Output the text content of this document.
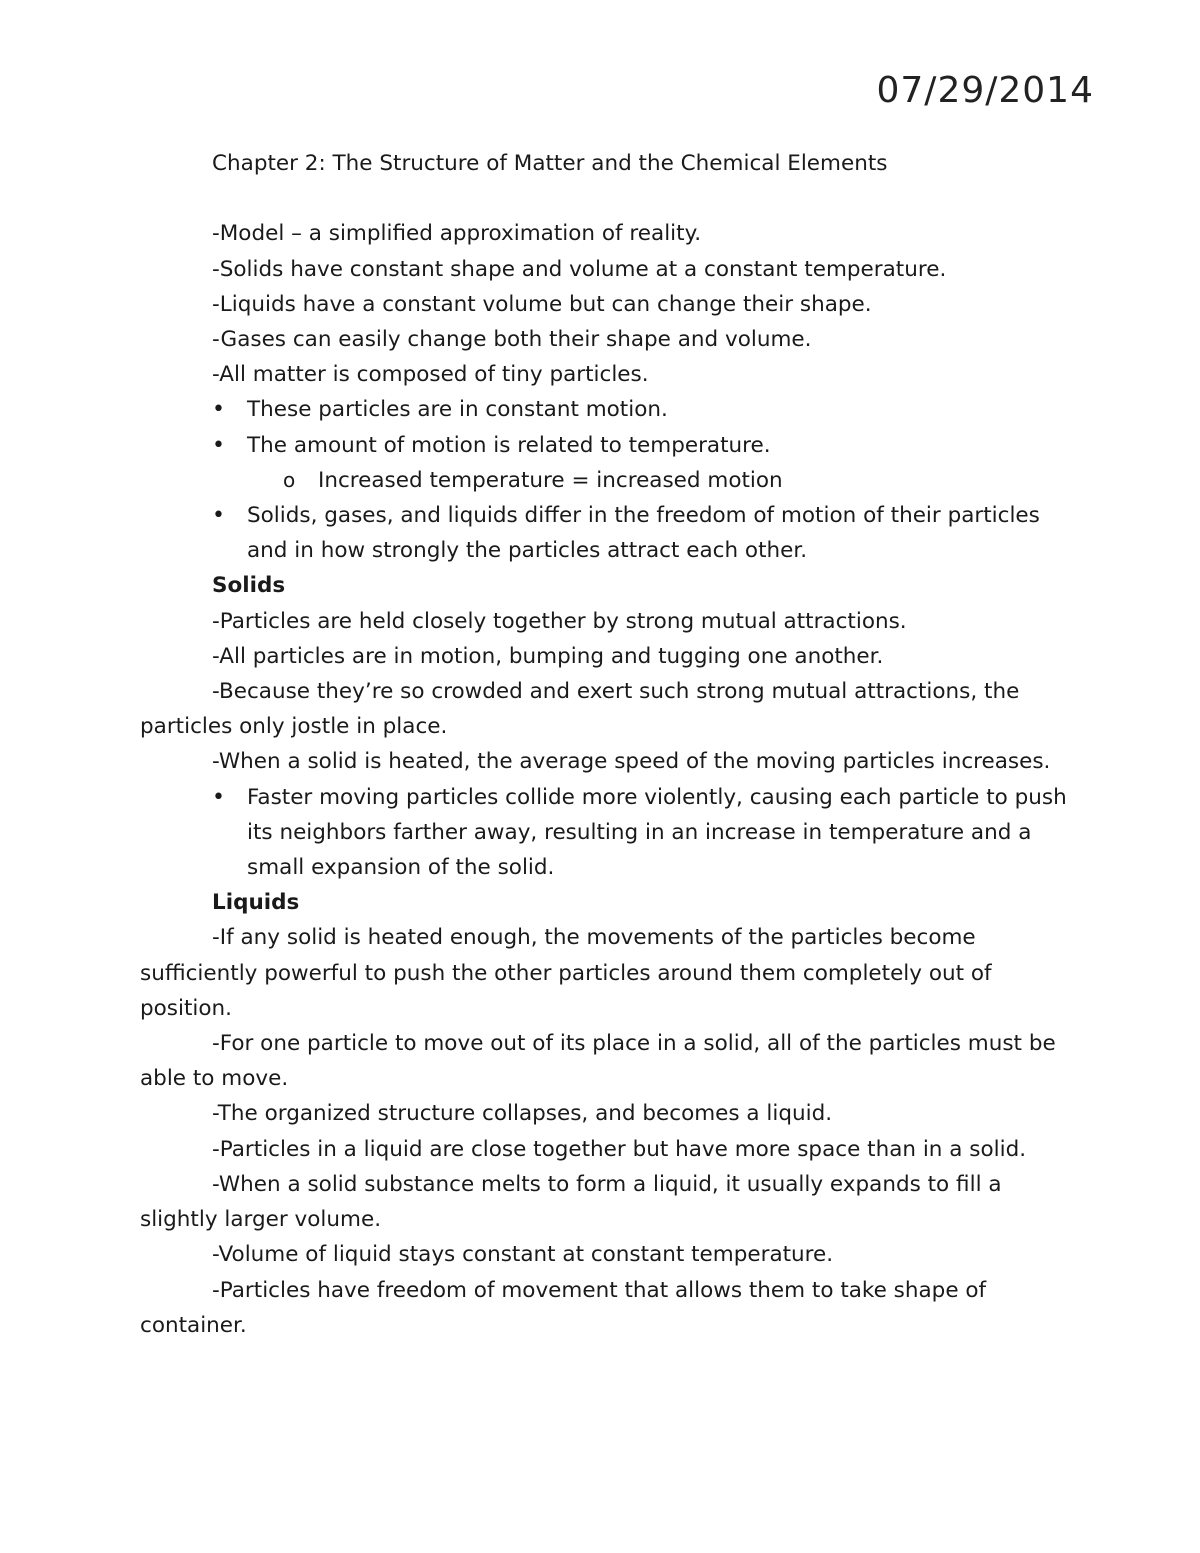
07/29/2014
Chapter 2: The Structure of Matter and the Chemical Elements
-Model – a simplified approximation of reality.
-Solids have constant shape and volume at a constant temperature.
-Liquids have a constant volume but can change their shape.
-Gases can easily change both their shape and volume.
-All matter is composed of tiny particles.
•	These particles are in constant motion.
•	The amount of motion is related to temperature.
o Increased temperature = increased motion
•	Solids, gases, and liquids differ in the freedom of motion of their particles and in how strongly the particles attract each other.
Solids
-Particles are held closely together by strong mutual attractions.
-All particles are in motion, bumping and tugging one another.
-Because they’re so crowded and exert such strong mutual attractions, the particles only jostle in place.
-When a solid is heated, the average speed of the moving particles increases.
•	Faster moving particles collide more violently, causing each particle to push its neighbors farther away, resulting in an increase in temperature and a small expansion of the solid.
Liquids
-If any solid is heated enough, the movements of the particles become sufficiently powerful to push the other particles around them completely out of position.
-For one particle to move out of its place in a solid, all of the particles must be able to move.
-The organized structure collapses, and becomes a liquid.
-Particles in a liquid are close together but have more space than in a solid.
-When a solid substance melts to form a liquid, it usually expands to fill a slightly larger volume.
-Volume of liquid stays constant at constant temperature.
-Particles have freedom of movement that allows them to take shape of container.
